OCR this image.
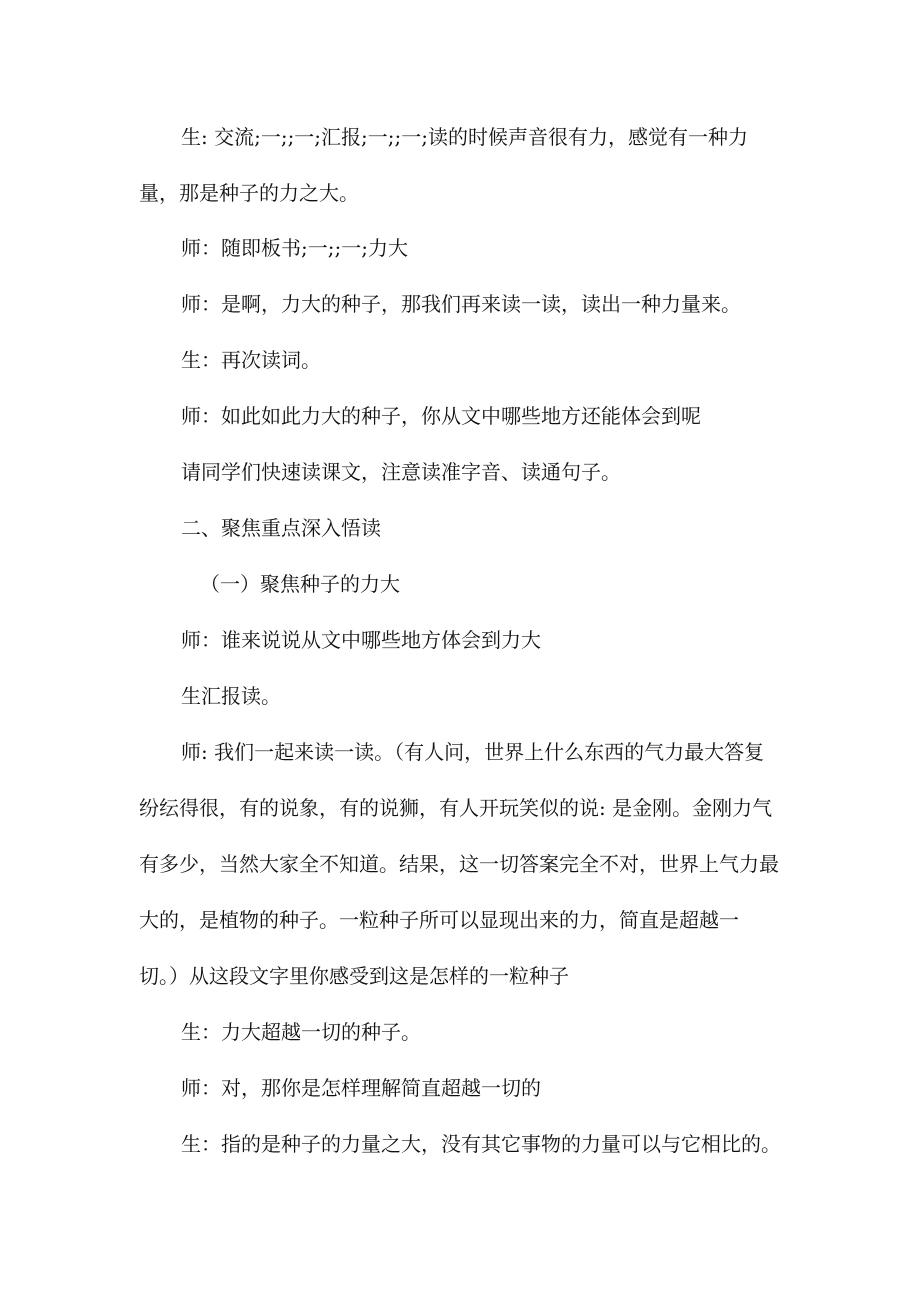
生: 交流;一;;一;汇报;一;;一;读的时候声音很有力，感觉有一种力
量，那是种子的力之大。
师：随即板书;一;;一;力大
师：是啊，力大的种子，那我们再来读一读，读出一种力量来。
生：再次读词。
师：如此如此力大的种子，你从文中哪些地方还能体会到呢
请同学们快速读课文，注意读准字音、读通句子。
二、聚焦重点深入悟读
（一）聚焦种子的力大
师：谁来说说从文中哪些地方体会到力大
生汇报读。
师: 我们一起来读一读。（有人问，世界上什么东西的气力最大答复
纷纭得很，有的说象，有的说狮，有人开玩笑似的说: 是金刚。金刚力气
有多少，当然大家全不知道。结果，这一切答案完全不对，世界上气力最
大的，是植物的种子。一粒种子所可以显现出来的力，简直是超越一
切。）从这段文字里你感受到这是怎样的一粒种子
生：力大超越一切的种子。
师：对，那你是怎样理解简直超越一切的
生：指的是种子的力量之大，没有其它事物的力量可以与它相比的。
